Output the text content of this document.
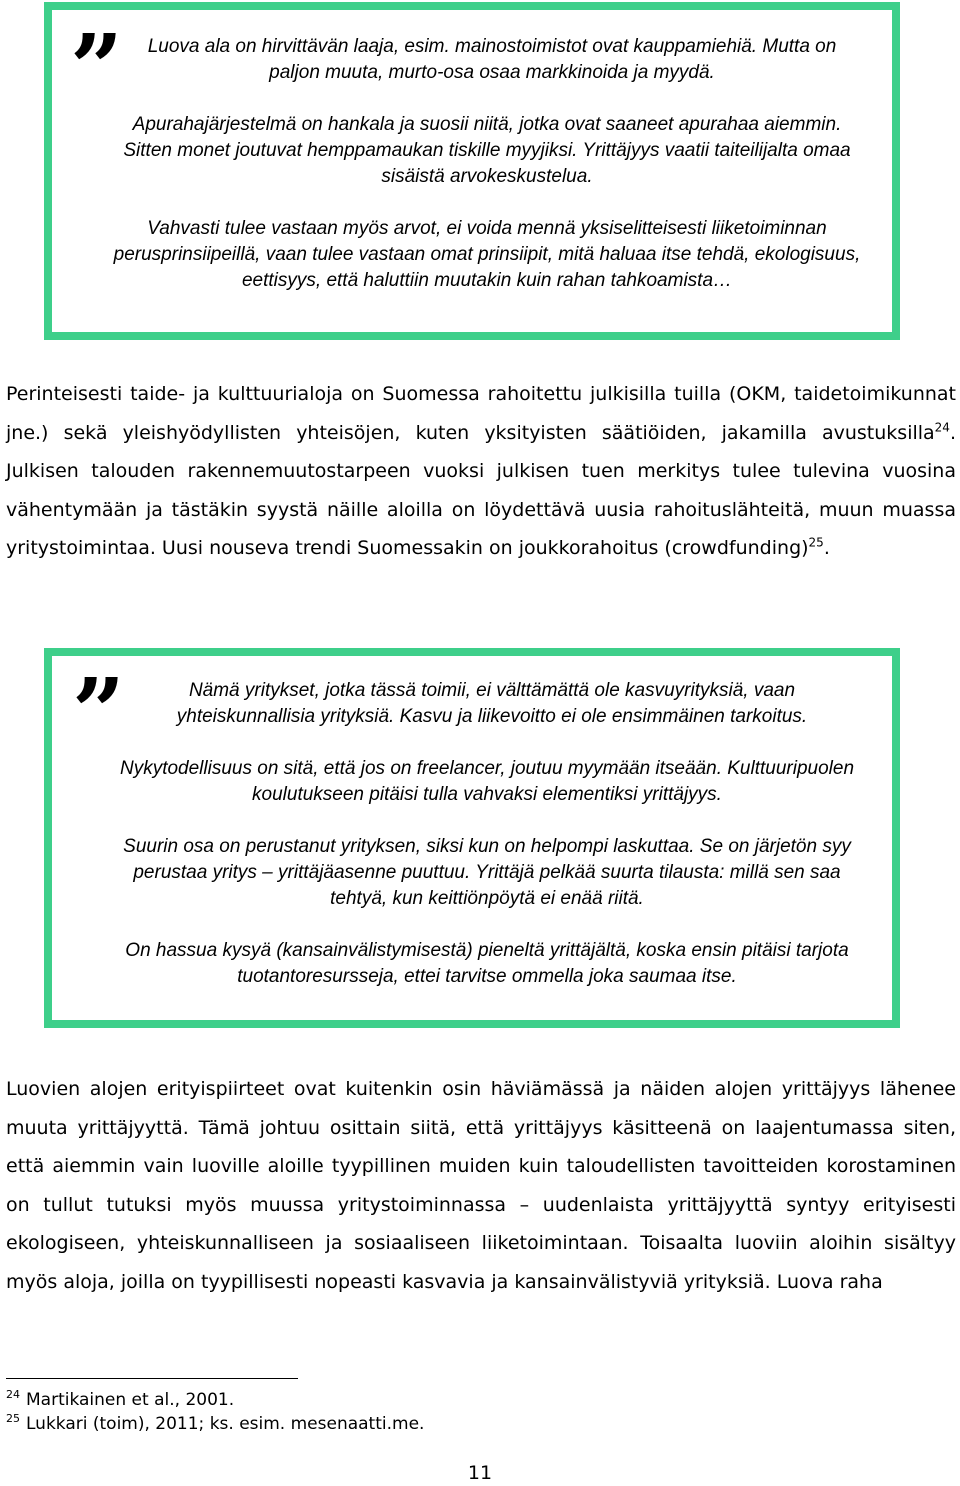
”	Luova ala on hirvittävän laaja, esim. mainostoimistot ovat kauppamiehiä. Mutta on paljon muuta, murto-osa osaa markkinoida ja myydä.

Apurahajärjestelmä on hankala ja suosii niitä, jotka ovat saaneet apurahaa aiemmin. Sitten monet joutuvat hemppamaukan tiskille myyjiksi. Yrittäjyys vaatii taiteilijalta omaa sisäistä arvokeskustelua.

Vahvasti tulee vastaan myös arvot, ei voida mennä yksiselitteisesti liiketoiminnan perusprinsiipeillä, vaan tulee vastaan omat prinsiipit, mitä haluaa itse tehdä, ekologisuus, eettisyys, että haluttiin muutakin kuin rahan tahkoamista…

Perinteisesti taide- ja kulttuurialoja on Suomessa rahoitettu julkisilla tuilla (OKM, taidetoimikunnat jne.) sekä yleishyödyllisten yhteisöjen, kuten yksityisten säätiöiden, jakamilla avustuksilla$^{24}$. Julkisen talouden rakennemuutostarpeen vuoksi julkisen tuen merkitys tulee tulevina vuosina vähentymään ja tästäkin syystä näille aloilla on löydettävä uusia rahoituslähteitä, muun muassa yritystoimintaa. Uusi nouseva trendi Suomessakin on joukkorahoitus (crowdfunding)$^{25}$.

”	Nämä yritykset, jotka tässä toimii, ei välttämättä ole kasvuyrityksiä, vaan yhteiskunnallisia yrityksiä. Kasvu ja liikevoitto ei ole ensimmäinen tarkoitus.

Nykytodellisuus on sitä, että jos on freelancer, joutuu myymään itseään. Kulttuuripuolen koulutukseen pitäisi tulla vahvaksi elementiksi yrittäjyys.

Suurin osa on perustanut yrityksen, siksi kun on helpompi laskuttaa. Se on järjetön syy perustaa yritys – yrittäjäasenne puuttuu. Yrittäjä pelkää suurta tilausta: millä sen saa tehtyä, kun keittiönpöytä ei enää riitä.

On hassua kysyä (kansainvälistymisestä) pieneltä yrittäjältä, koska ensin pitäisi tarjota tuotantoresursseja, ettei tarvitse ommella joka saumaa itse.

Luovien alojen erityispiirteet ovat kuitenkin osin häviämässä ja näiden alojen yrittäjyys lähenee muuta yrittäjyyttä. Tämä johtuu osittain siitä, että yrittäjyys käsitteenä on laajentumassa siten, että aiemmin vain luoville aloille tyypillinen muiden kuin taloudellisten tavoitteiden korostaminen on tullut tutuksi myös muussa yritystoiminnassa – uudenlaista yrittäjyyttä syntyy erityisesti ekologiseen, yhteiskunnalliseen ja sosiaaliseen liiketoimintaan. Toisaalta luoviin aloihin sisältyy myös aloja, joilla on tyypillisesti nopeasti kasvavia ja kansainvälistyviä yrityksiä. Luova raha

$^{24}$ Martikainen et al., 2001.
$^{25}$ Lukkari (toim), 2011; ks. esim. mesenaatti.me.
11
